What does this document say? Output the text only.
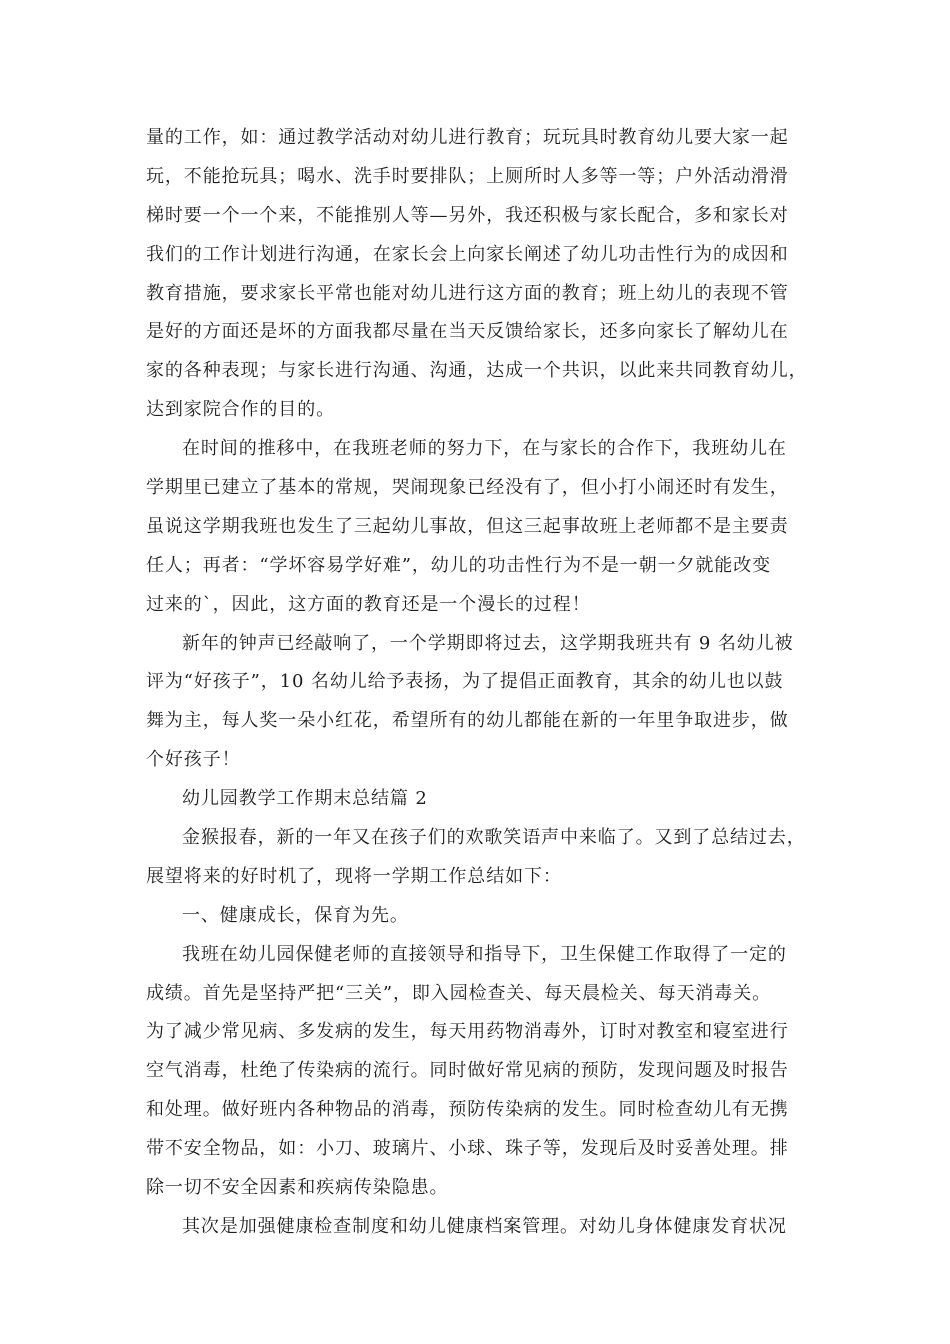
量的工作，如：通过教学活动对幼儿进行教育；玩玩具时教育幼儿要大家一起
玩，不能抢玩具；喝水、洗手时要排队；上厕所时人多等一等；户外活动滑滑
梯时要一个一个来，不能推别人等—另外，我还积极与家长配合，多和家长对
我们的工作计划进行沟通，在家长会上向家长阐述了幼儿功击性行为的成因和
教育措施，要求家长平常也能对幼儿进行这方面的教育；班上幼儿的表现不管
是好的方面还是坏的方面我都尽量在当天反馈给家长，还多向家长了解幼儿在
家的各种表现；与家长进行沟通、沟通，达成一个共识，以此来共同教育幼儿，
达到家院合作的目的。
在时间的推移中，在我班老师的努力下，在与家长的合作下，我班幼儿在
学期里已建立了基本的常规，哭闹现象已经没有了，但小打小闹还时有发生，
虽说这学期我班也发生了三起幼儿事故，但这三起事故班上老师都不是主要责
任人；再者：“学坏容易学好难”，幼儿的功击性行为不是一朝一夕就能改变
过来的`，因此，这方面的教育还是一个漫长的过程！
新年的钟声已经敲响了，一个学期即将过去，这学期我班共有 9 名幼儿被
评为“好孩子”，10 名幼儿给予表扬，为了提倡正面教育，其余的幼儿也以鼓
舞为主，每人奖一朵小红花，希望所有的幼儿都能在新的一年里争取进步，做
个好孩子！
幼儿园教学工作期末总结篇 2
金猴报春，新的一年又在孩子们的欢歌笑语声中来临了。又到了总结过去，
展望将来的好时机了，现将一学期工作总结如下：
一、健康成长，保育为先。
我班在幼儿园保健老师的直接领导和指导下，卫生保健工作取得了一定的
成绩。首先是坚持严把“三关”，即入园检查关、每天晨检关、每天消毒关。
为了减少常见病、多发病的发生，每天用药物消毒外，订时对教室和寝室进行
空气消毒，杜绝了传染病的流行。同时做好常见病的预防，发现问题及时报告
和处理。做好班内各种物品的消毒，预防传染病的发生。同时检查幼儿有无携
带不安全物品，如：小刀、玻璃片、小球、珠子等，发现后及时妥善处理。排
除一切不安全因素和疾病传染隐患。
其次是加强健康检查制度和幼儿健康档案管理。对幼儿身体健康发育状况
